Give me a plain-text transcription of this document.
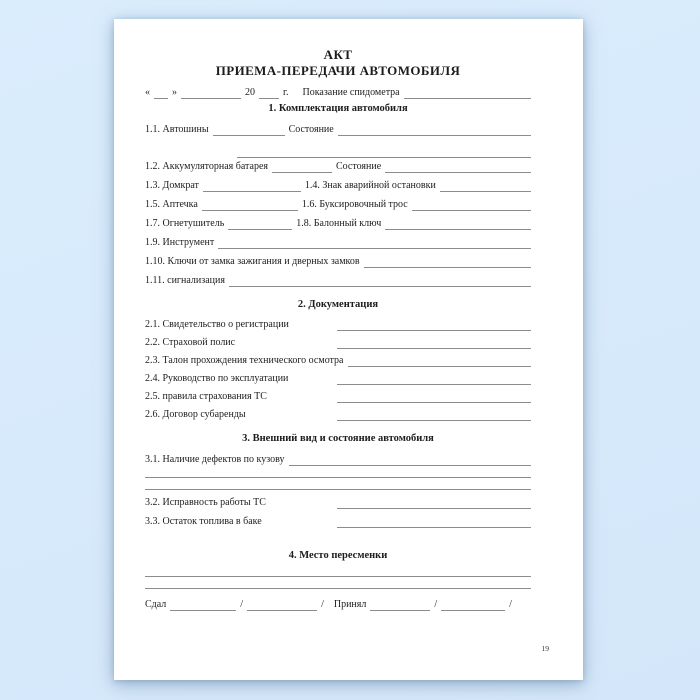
АКТ
ПРИЕМА-ПЕРЕДАЧИ АВТОМОБИЛЯ
« »	20	г. Показание спидометра
1. Комплектация автомобиля
1.1. Автошины	Состояние
1.2. Аккумуляторная батарея	Состояние
1.3. Домкрат	1.4. Знак аварийной остановки
1.5. Аптечка	1.6. Буксировочный трос
1.7. Огнетушитель	1.8. Балонный ключ
1.9. Инструмент
1.10. Ключи от замка зажигания и дверных замков
1.11. сигнализация
2. Документация
2.1. Свидетельство о регистрации
2.2. Страховой полис
2.3. Талон прохождения технического осмотра
2.4. Руководство по эксплуатации
2.5. правила страхования ТС
2.6. Договор субаренды
3. Внешний вид и состояние автомобиля
3.1. Наличие дефектов по кузову
3.2. Исправность работы ТС
3.3. Остаток топлива в баке
4. Место пересменки
Сдал	/	/ Принял	/	/
19
